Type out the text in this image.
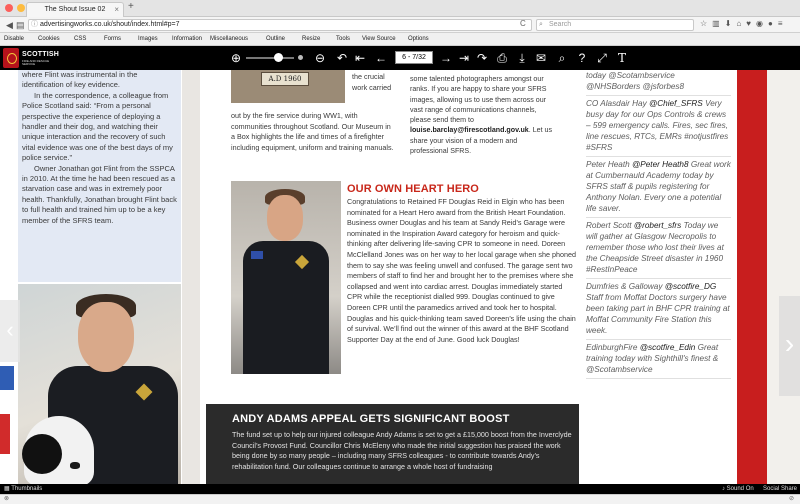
The Shout Issue 02 × +
◀ ▤ ⓘ advertisingworks.co.uk/shout/index.html#p=7	C ⌕ Search	☆ ▥ ⬇ ⌂ ♥ ◉ ● ≡
Disable Cookies CSS	Forms	Images Information Miscellaneous	Outline	Resize	Tools View Source Options
SCOTTISH
FIRE AND RESCUE SERVICE	⊕	⊖ ↶ ⇤ ←
6 - 7/32	→ ⇥ ↷ ⎙	⤓ ✉	⌕	? ⤢ T

where Flint was instrumental in the identification of key evidence.

In the correspondence, a colleague from Police Scotland said: “From a personal perspective the experience of deploying a handler and their dog, and watching their unique interaction and the recovery of such vital evidence was one of the best days of my police service.”

Owner Jonathan got Flint from the SSPCA in 2010. At the time he had been rescued as a starvation case and was in extremely poor health. Thankfully, Jonathan brought Flint back to full health and trained him up to be a key member of the SFRS team.

A.D 1960	the crucial work carried
out by the fire service during WW1, with communities throughout Scotland. Our Museum in a Box highlights the life and times of a firefighter including equipment, uniform and training manuals.

some talented photographers amongst our ranks. If you are happy to share your SFRS images, allowing us to use them across our vast range of communications channels, please send them to louise.barclay@firescotland.gov.uk. Let us share your vision of a modern and professional SFRS.

OUR OWN HEART HERO
Congratulations to Retained FF Douglas Reid in Elgin who has been nominated for a Heart Hero award from the British Heart Foundation. Business owner Douglas and his team at Sandy Reid’s Garage were nominated in the Inspiration Award category for heroism and quick-thinking after delivering life-saving CPR to someone in need. Doreen McClelland Jones was on her way to her local garage when she phoned them to say she was feeling unwell and confused. The garage sent two members of staff to find her and brought her to the premises where she collapsed and went into cardiac arrest. Douglas immediately started CPR while the receptionist dialled 999. Douglas continued to give Doreen CPR until the paramedics arrived and took her to hospital. Douglas and his quick-thinking team saved Doreen’s life using the chain of survival. We’ll find out the winner of this award at the BHF Scotland Supporter Day at the end of June. Good luck Douglas!
ANDY ADAMS APPEAL GETS SIGNIFICANT BOOST
The fund set up to help our injured colleague Andy Adams is set to get a £15,000 boost from the Inverclyde Council’s Provost Fund. Councillor Chris McEleny who made the initial suggestion has praised the work being done by so many people – including many SFRS colleagues - to contribute towards Andy’s rehabilitation fund. Our colleagues continue to arrange a whole host of fundraising
today @Scotambservice @NHSBorders @jsforbes8
CO Alasdair Hay @Chief_SFRS Very busy day for our Ops Controls & crews – 599 emergency calls. Fires, sec fires, line rescues, RTCs, EMRs #notjustfires #SFRS
Peter Heath @Peter Heath8 Great work at Cumbernauld Academy today by SFRS staff & pupils registering for Anthony Nolan. Every one a potential life saver.
Robert Scott @robert_sfrs Today we will gather at Glasgow Necropolis to remember those who lost their lives at the Cheapside Street disaster in 1960 #RestInPeace
Dumfries & Galloway @scotfire_DG Staff from Moffat Doctors surgery have been taking part in BHF CPR training at Moffat Community Fire Station this week.
EdinburghFire @scotfire_Edin Great training today with Sighthill's finest & @Scotambservice
‹	›
▦ Thumbnails	♪ Sound On Social Share
⊗	⊘
